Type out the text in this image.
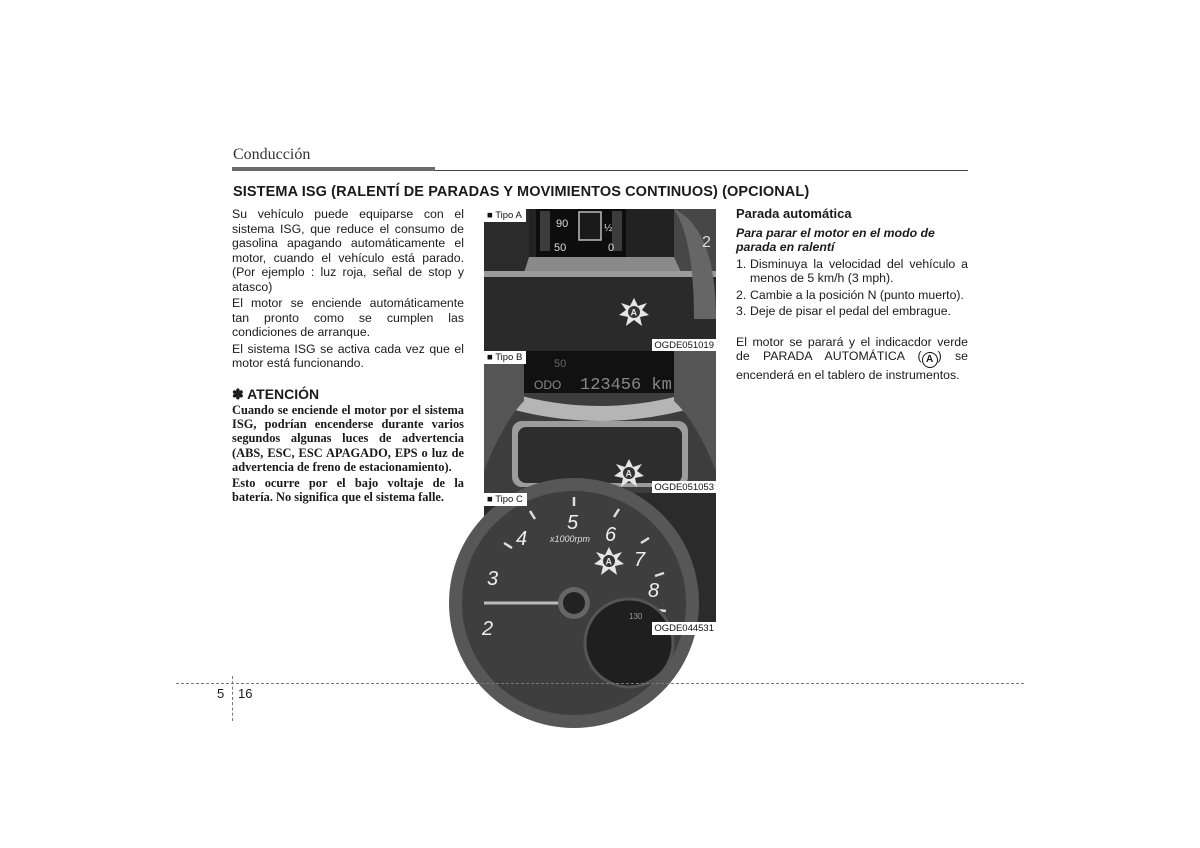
Conducción
SISTEMA ISG (RALENTÍ DE PARADAS Y MOVIMIENTOS CONTINUOS) (OPCIONAL)

Su vehículo puede equiparse con el sistema ISG, que reduce el consumo de gasolina apagando automáticamente el motor, cuando el vehículo está parado. (Por ejemplo : luz roja, señal de stop y atasco)

El motor se enciende automáticamente tan pronto como se cumplen las condiciones de arranque.

El sistema ISG se activa cada vez que el motor está funcionando.

✽ ATENCIÓN

Cuando se enciende el motor por el sistema ISG, podrían encenderse durante varios segundos algunas luces de advertencia (ABS, ESC, ESC APAGADO, EPS o luz de advertencia de freno de estacionamiento).

Esto ocurre por el bajo voltaje de la batería. No significa que el sistema falle.

90
50	0
½
2
A
■ Tipo A
OGDE051019
50
ODO 123456 km
A
■ Tipo B
OGDE051053
2
3
4
5
6
7
8
x1000rpm
A
130
■ Tipo C
OGDE044531
Parada automática
Para parar el motor en el modo de parada en ralentí
1. Disminuya la velocidad del vehículo a menos de 5 km/h (3 mph).
2. Cambie a la posición N (punto muerto).
3. Deje de pisar el pedal del embrague.

El motor se parará y el indicacdor verde de PARADA AUTOMÁTICA ( A ) se encenderá en el tablero de instrumentos.

5 16
